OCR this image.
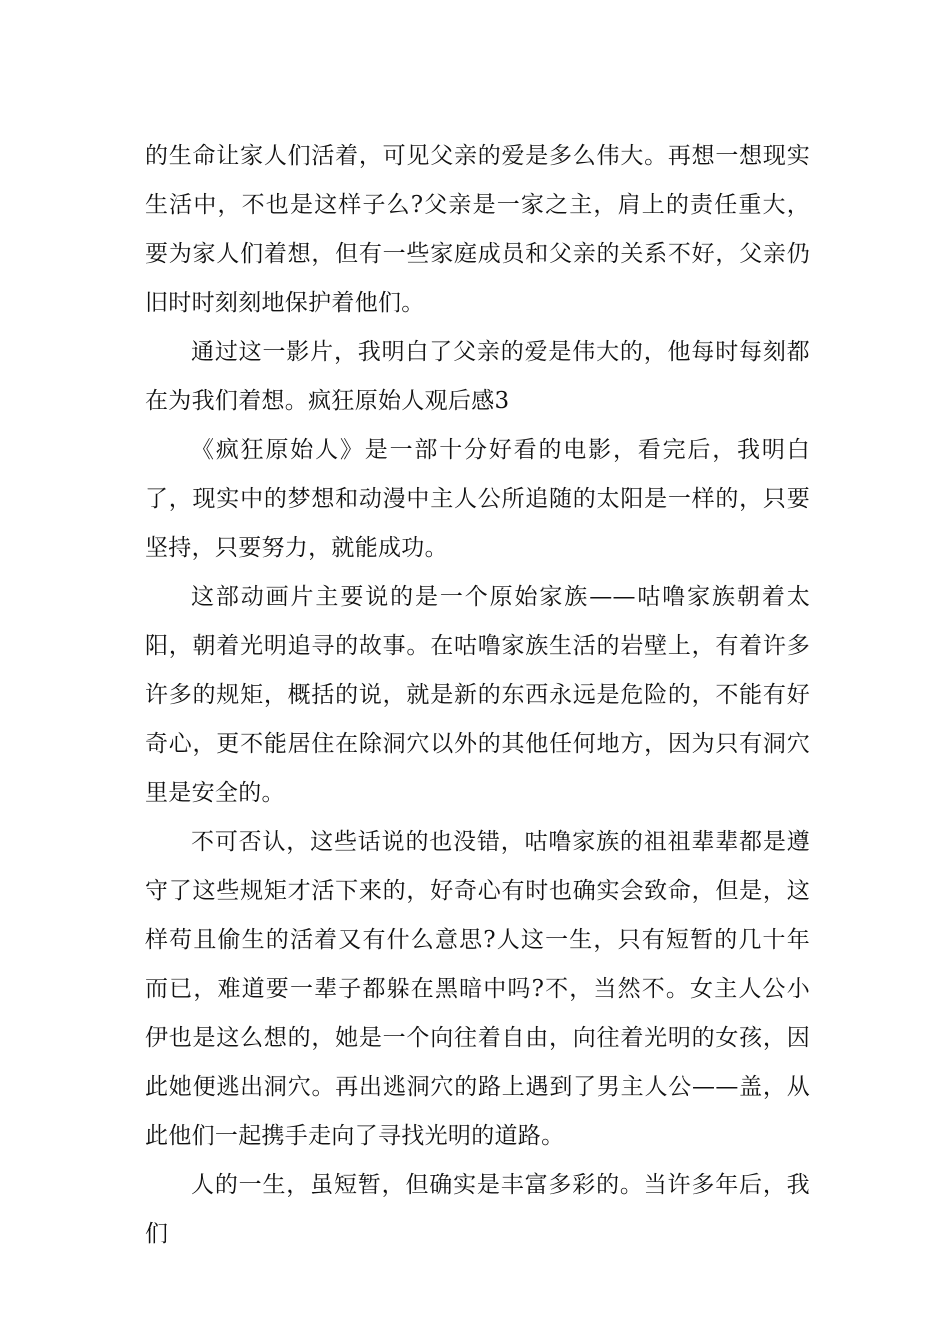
的生命让家人们活着，可见父亲的爱是多么伟大。再想一想现实生活中，不也是这样子么?父亲是一家之主，肩上的责任重大，要为家人们着想，但有一些家庭成员和父亲的关系不好，父亲仍旧时时刻刻地保护着他们。

通过这一影片，我明白了父亲的爱是伟大的，他每时每刻都在为我们着想。疯狂原始人观后感3

《疯狂原始人》是一部十分好看的电影，看完后，我明白了，现实中的梦想和动漫中主人公所追随的太阳是一样的，只要坚持，只要努力，就能成功。

这部动画片主要说的是一个原始家族——咕噜家族朝着太阳，朝着光明追寻的故事。在咕噜家族生活的岩壁上，有着许多许多的规矩，概括的说，就是新的东西永远是危险的，不能有好奇心，更不能居住在除洞穴以外的其他任何地方，因为只有洞穴里是安全的。

不可否认，这些话说的也没错，咕噜家族的祖祖辈辈都是遵守了这些规矩才活下来的，好奇心有时也确实会致命，但是，这样苟且偷生的活着又有什么意思?人这一生，只有短暂的几十年而已，难道要一辈子都躲在黑暗中吗?不，当然不。女主人公小伊也是这么想的，她是一个向往着自由，向往着光明的女孩，因此她便逃出洞穴。再出逃洞穴的路上遇到了男主人公——盖，从此他们一起携手走向了寻找光明的道路。

人的一生，虽短暂，但确实是丰富多彩的。当许多年后，我们
